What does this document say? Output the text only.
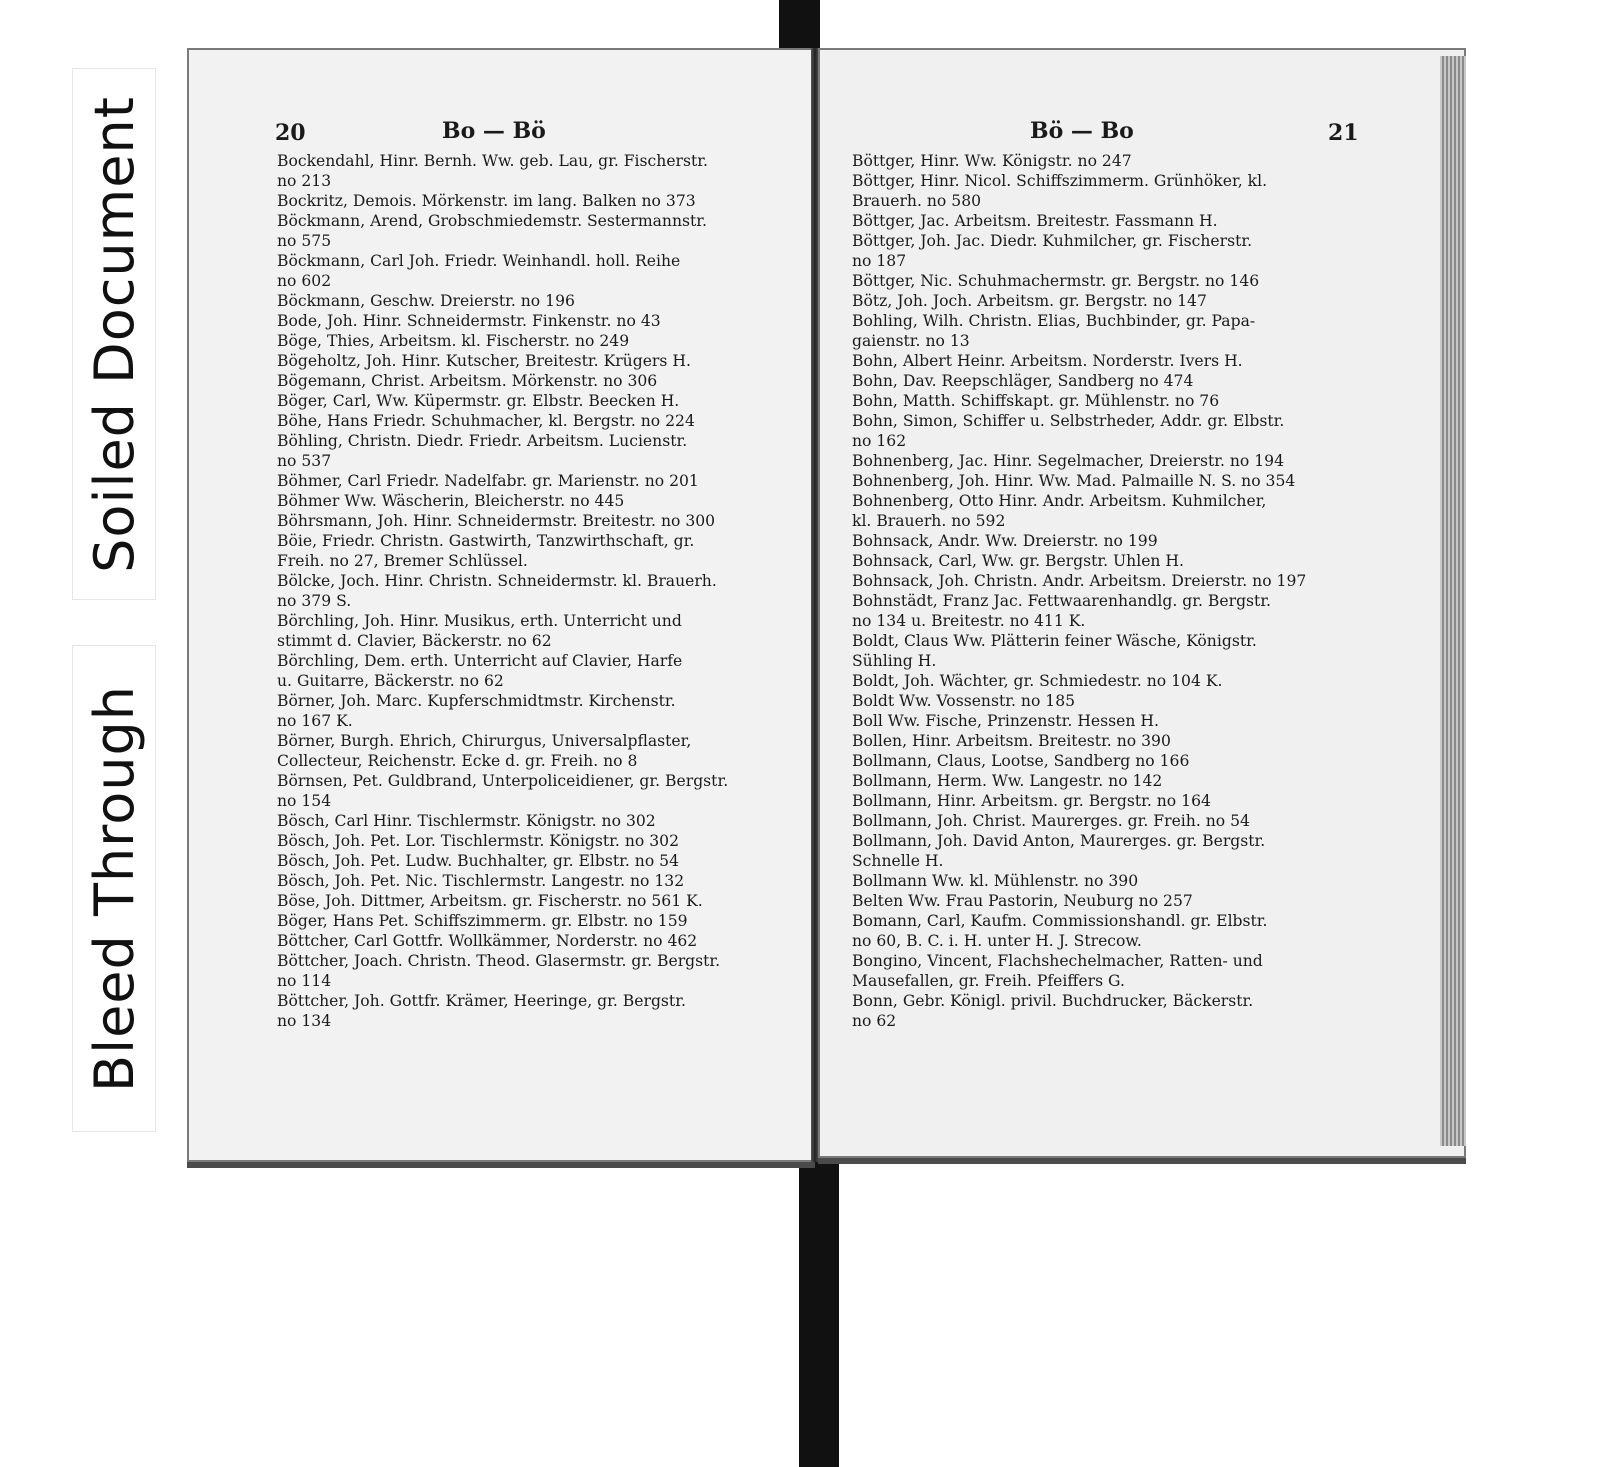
Soiled Document
Bleed Through
20	Bo — Bö
Bockendahl, Hinr. Bernh. Ww. geb. Lau, gr. Fischerstr.
no 213
Bockritz, Demois. Mörkenstr. im lang. Balken no 373
Böckmann, Arend, Grobschmiedemstr. Sestermannstr.
no 575
Böckmann, Carl Joh. Friedr. Weinhandl. holl. Reihe
no 602
Böckmann, Geschw. Dreierstr. no 196
Bode, Joh. Hinr. Schneidermstr. Finkenstr. no 43
Böge, Thies, Arbeitsm. kl. Fischerstr. no 249
Bögeholtz, Joh. Hinr. Kutscher, Breitestr. Krügers H.
Bögemann, Christ. Arbeitsm. Mörkenstr. no 306
Böger, Carl, Ww. Küpermstr. gr. Elbstr. Beecken H.
Böhe, Hans Friedr. Schuhmacher, kl. Bergstr. no 224
Böhling, Christn. Diedr. Friedr. Arbeitsm. Lucienstr.
no 537
Böhmer, Carl Friedr. Nadelfabr. gr. Marienstr. no 201
Böhmer Ww. Wäscherin, Bleicherstr. no 445
Böhrsmann, Joh. Hinr. Schneidermstr. Breitestr. no 300
Böie, Friedr. Christn. Gastwirth, Tanzwirthschaft, gr.
Freih. no 27, Bremer Schlüssel.
Bölcke, Joch. Hinr. Christn. Schneidermstr. kl. Brauerh.
no 379 S.
Börchling, Joh. Hinr. Musikus, erth. Unterricht und
stimmt d. Clavier, Bäckerstr. no 62
Börchling, Dem. erth. Unterricht auf Clavier, Harfe
u. Guitarre, Bäckerstr. no 62
Börner, Joh. Marc. Kupferschmidtmstr. Kirchenstr.
no 167 K.
Börner, Burgh. Ehrich, Chirurgus, Universalpflaster,
Collecteur, Reichenstr. Ecke d. gr. Freih. no 8
Börnsen, Pet. Guldbrand, Unterpoliceidiener, gr. Bergstr.
no 154
Bösch, Carl Hinr. Tischlermstr. Königstr. no 302
Bösch, Joh. Pet. Lor. Tischlermstr. Königstr. no 302
Bösch, Joh. Pet. Ludw. Buchhalter, gr. Elbstr. no 54
Bösch, Joh. Pet. Nic. Tischlermstr. Langestr. no 132
Böse, Joh. Dittmer, Arbeitsm. gr. Fischerstr. no 561 K.
Böger, Hans Pet. Schiffszimmerm. gr. Elbstr. no 159
Böttcher, Carl Gottfr. Wollkämmer, Norderstr. no 462
Böttcher, Joach. Christn. Theod. Glasermstr. gr. Bergstr.
no 114
Böttcher, Joh. Gottfr. Krämer, Heeringe, gr. Bergstr.
no 134
Bö — Bo	21
Böttger, Hinr. Ww. Königstr. no 247
Böttger, Hinr. Nicol. Schiffszimmerm. Grünhöker, kl.
Brauerh. no 580
Böttger, Jac. Arbeitsm. Breitestr. Fassmann H.
Böttger, Joh. Jac. Diedr. Kuhmilcher, gr. Fischerstr.
no 187
Böttger, Nic. Schuhmachermstr. gr. Bergstr. no 146
Bötz, Joh. Joch. Arbeitsm. gr. Bergstr. no 147
Bohling, Wilh. Christn. Elias, Buchbinder, gr. Papa-
gaienstr. no 13
Bohn, Albert Heinr. Arbeitsm. Norderstr. Ivers H.
Bohn, Dav. Reepschläger, Sandberg no 474
Bohn, Matth. Schiffskapt. gr. Mühlenstr. no 76
Bohn, Simon, Schiffer u. Selbstrheder, Addr. gr. Elbstr.
no 162
Bohnenberg, Jac. Hinr. Segelmacher, Dreierstr. no 194
Bohnenberg, Joh. Hinr. Ww. Mad. Palmaille N. S. no 354
Bohnenberg, Otto Hinr. Andr. Arbeitsm. Kuhmilcher,
kl. Brauerh. no 592
Bohnsack, Andr. Ww. Dreierstr. no 199
Bohnsack, Carl, Ww. gr. Bergstr. Uhlen H.
Bohnsack, Joh. Christn. Andr. Arbeitsm. Dreierstr. no 197
Bohnstädt, Franz Jac. Fettwaarenhandlg. gr. Bergstr.
no 134 u. Breitestr. no 411 K.
Boldt, Claus Ww. Plätterin feiner Wäsche, Königstr.
Sühling H.
Boldt, Joh. Wächter, gr. Schmiedestr. no 104 K.
Boldt Ww. Vossenstr. no 185
Boll Ww. Fische, Prinzenstr. Hessen H.
Bollen, Hinr. Arbeitsm. Breitestr. no 390
Bollmann, Claus, Lootse, Sandberg no 166
Bollmann, Herm. Ww. Langestr. no 142
Bollmann, Hinr. Arbeitsm. gr. Bergstr. no 164
Bollmann, Joh. Christ. Maurerges. gr. Freih. no 54
Bollmann, Joh. David Anton, Maurerges. gr. Bergstr.
Schnelle H.
Bollmann Ww. kl. Mühlenstr. no 390
Belten Ww. Frau Pastorin, Neuburg no 257
Bomann, Carl, Kaufm. Commissionshandl. gr. Elbstr.
no 60, B. C. i. H. unter H. J. Strecow.
Bongino, Vincent, Flachshechelmacher, Ratten- und
Mausefallen, gr. Freih. Pfeiffers G.
Bonn, Gebr. Königl. privil. Buchdrucker, Bäckerstr.
no 62
